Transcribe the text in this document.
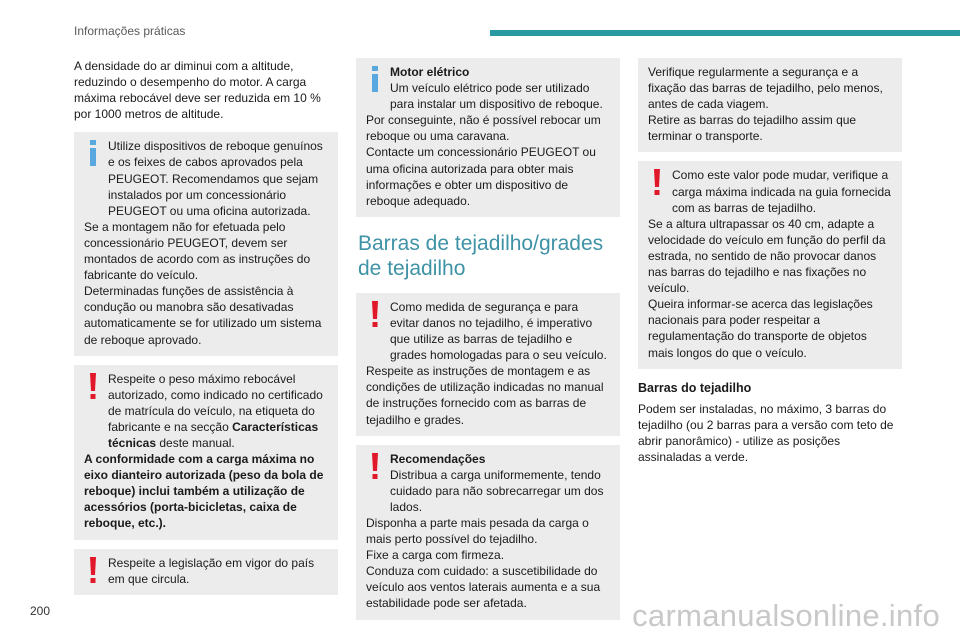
Informações práticas

A densidade do ar diminui com a altitude, reduzindo o desempenho do motor. A carga máxima rebocável deve ser reduzida em 10 % por 1000 metros de altitude.

Utilize dispositivos de reboque genuínos e os feixes de cabos aprovados pela PEUGEOT. Recomendamos que sejam instalados por um concessionário PEUGEOT ou uma oficina autorizada.

Se a montagem não for efetuada pelo concessionário PEUGEOT, devem ser montados de acordo com as instruções do fabricante do veículo.

Determinadas funções de assistência à condução ou manobra são desativadas automaticamente se for utilizado um sistema de reboque aprovado.

Respeite o peso máximo rebocável autorizado, como indicado no certificado de matrícula do veículo, na etiqueta do fabricante e na secção Características técnicas deste manual.

A conformidade com a carga máxima no eixo dianteiro autorizada (peso da bola de reboque) inclui também a utilização de acessórios (porta-bicicletas, caixa de reboque, etc.).

Respeite a legislação em vigor do país em que circula.

Motor elétrico

Um veículo elétrico pode ser utilizado para instalar um dispositivo de reboque.

Por conseguinte, não é possível rebocar um reboque ou uma caravana.

Contacte um concessionário PEUGEOT ou uma oficina autorizada para obter mais informações e obter um dispositivo de reboque adequado.

Barras de tejadilho/grades de tejadilho

Como medida de segurança e para evitar danos no tejadilho, é imperativo que utilize as barras de tejadilho e grades homologadas para o seu veículo.

Respeite as instruções de montagem e as condições de utilização indicadas no manual de instruções fornecido com as barras de tejadilho e grades.

Recomendações

Distribua a carga uniformemente, tendo cuidado para não sobrecarregar um dos lados.

Disponha a parte mais pesada da carga o mais perto possível do tejadilho.

Fixe a carga com firmeza.

Conduza com cuidado: a suscetibilidade do veículo aos ventos laterais aumenta e a sua estabilidade pode ser afetada.

Verifique regularmente a segurança e a fixação das barras de tejadilho, pelo menos, antes de cada viagem.

Retire as barras do tejadilho assim que terminar o transporte.

Como este valor pode mudar, verifique a carga máxima indicada na guia fornecida com as barras de tejadilho.

Se a altura ultrapassar os 40 cm, adapte a velocidade do veículo em função do perfil da estrada, no sentido de não provocar danos nas barras do tejadilho e nas fixações no veículo.

Queira informar-se acerca das legislações nacionais para poder respeitar a regulamentação do transporte de objetos mais longos do que o veículo.

Barras do tejadilho

Podem ser instaladas, no máximo, 3 barras do tejadilho (ou 2 barras para a versão com teto de abrir panorâmico) - utilize as posições assinaladas a verde.

200	carmanualsonline.info
